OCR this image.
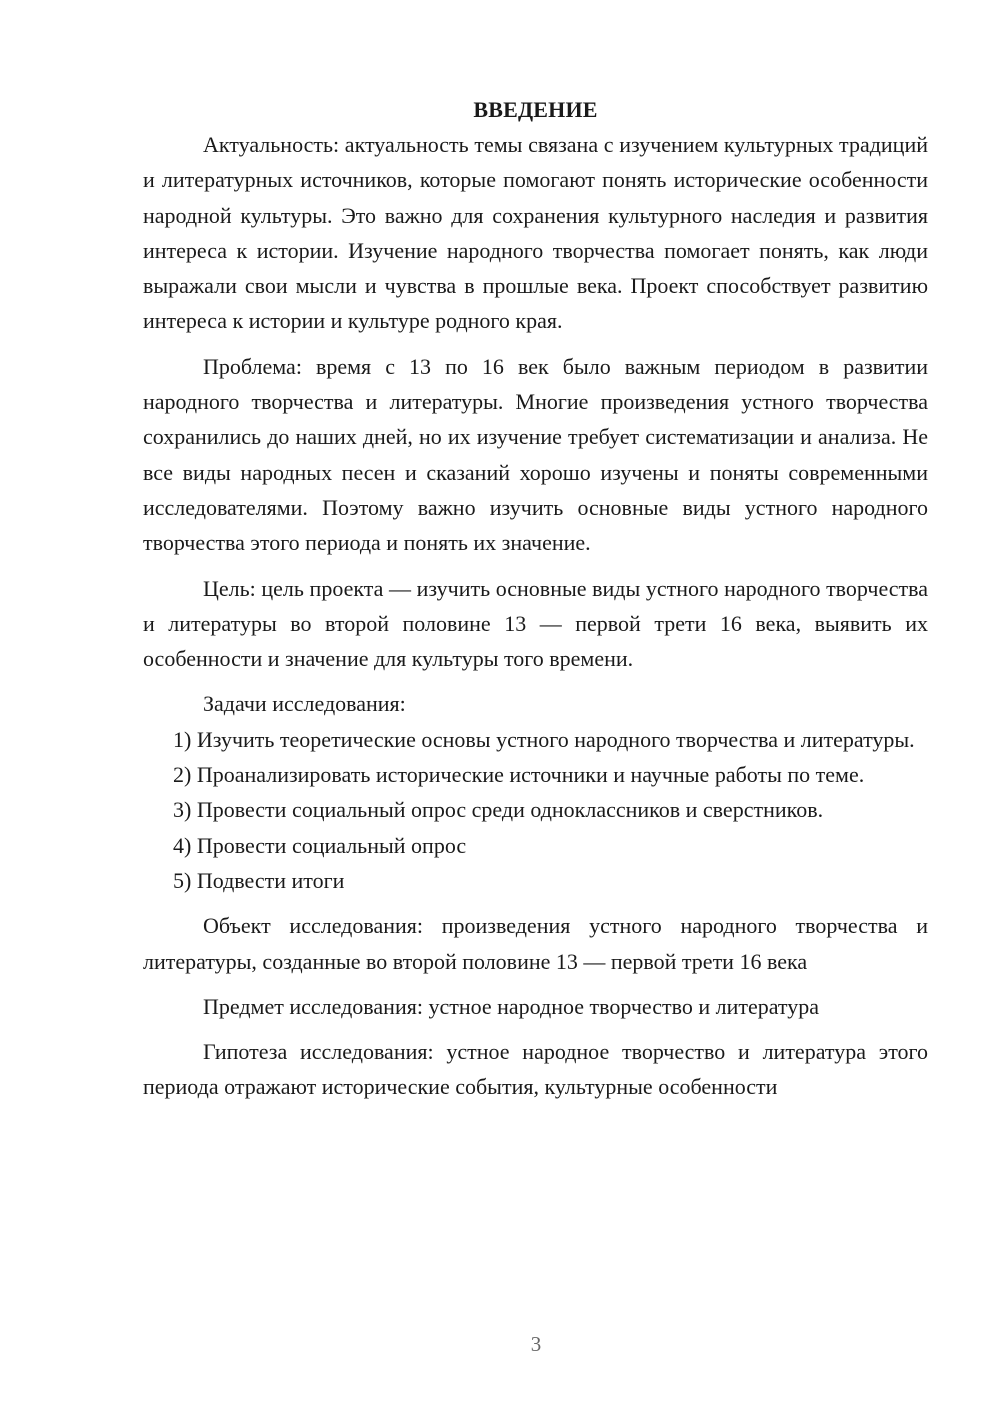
ВВЕДЕНИЕ

Актуальность: актуальность темы связана с изучением культурных традиций и литературных источников, которые помогают понять исторические особенности народной культуры. Это важно для сохранения культурного наследия и развития интереса к истории. Изучение народного творчества помогает понять, как люди выражали свои мысли и чувства в прошлые века. Проект способствует развитию интереса к истории и культуре родного края.

Проблема: время с 13 по 16 век было важным периодом в развитии народного творчества и литературы. Многие произведения устного творчества сохранились до наших дней, но их изучение требует систематизации и анализа. Не все виды народных песен и сказаний хорошо изучены и поняты современными исследователями. Поэтому важно изучить основные виды устного народного творчества этого периода и понять их значение.

Цель: цель проекта — изучить основные виды устного народного творчества и литературы во второй половине 13 — первой трети 16 века, выявить их особенности и значение для культуры того времени.

Задачи исследования:

1) Изучить теоретические основы устного народного творчества и литературы.

2) Проанализировать исторические источники и научные работы по теме.

3) Провести социальный опрос среди одноклассников и сверстников.

4) Провести социальный опрос

5) Подвести итоги

Объект исследования: произведения устного народного творчества и литературы, созданные во второй половине 13 — первой трети 16 века

Предмет исследования: устное народное творчество и литература

Гипотеза исследования: устное народное творчество и литература этого периода отражают исторические события, культурные особенности

3
